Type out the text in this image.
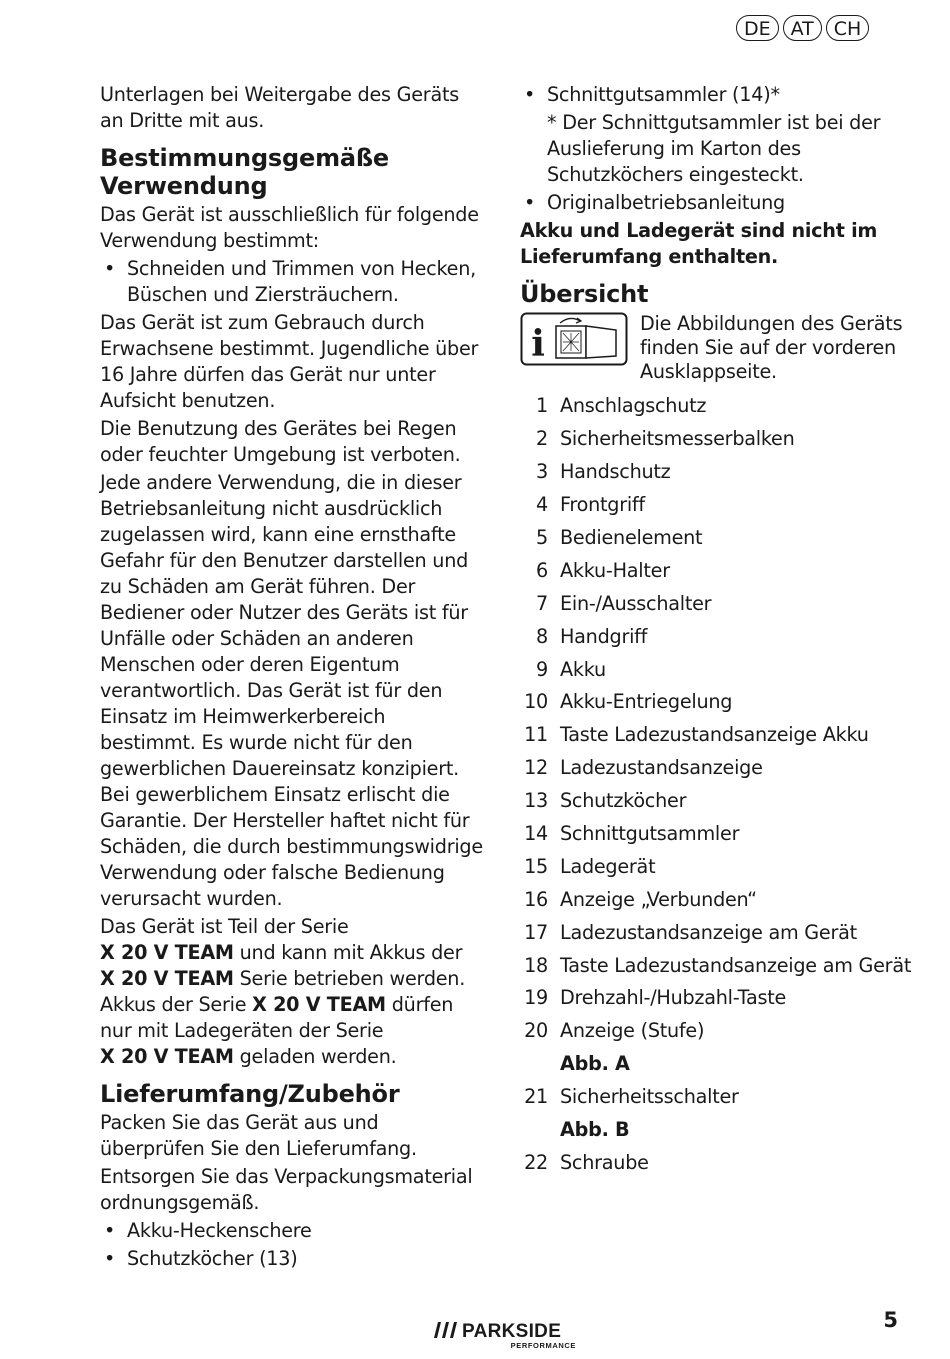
DE	AT	CH

Unterlagen bei Weitergabe des Geräts an Dritte mit aus.

Bestimmungsgemäße Verwendung

Das Gerät ist ausschließlich für folgende Verwendung bestimmt:

• Schneiden und Trimmen von Hecken, Büschen und Ziersträuchern.

Das Gerät ist zum Gebrauch durch Erwachsene bestimmt. Jugendliche über 16 Jahre dürfen das Gerät nur unter Aufsicht benutzen.

Die Benutzung des Gerätes bei Regen oder feuchter Umgebung ist verboten.

Jede andere Verwendung, die in dieser Betriebsanleitung nicht ausdrücklich zugelassen wird, kann eine ernsthafte Gefahr für den Benutzer darstellen und zu Schäden am Gerät führen. Der Bediener oder Nutzer des Geräts ist für Unfälle oder Schäden an anderen Menschen oder deren Eigentum verantwortlich. Das Gerät ist für den Einsatz im Heimwerkerbereich bestimmt. Es wurde nicht für den gewerblichen Dauereinsatz konzipiert. Bei gewerblichem Einsatz erlischt die Garantie. Der Hersteller haftet nicht für Schäden, die durch bestimmungswidrige Verwendung oder falsche Bedienung verursacht wurden.

Das Gerät ist Teil der Serie
X 20 V TEAM und kann mit Akkus der
X 20 V TEAM Serie betrieben werden. Akkus der Serie X 20 V TEAM dürfen nur mit Ladegeräten der Serie
X 20 V TEAM geladen werden.

Lieferumfang/Zubehör

Packen Sie das Gerät aus und überprüfen Sie den Lieferumfang.

Entsorgen Sie das Verpackungsmaterial ordnungsgemäß.

• Akku-Heckenschere
• Schutzköcher (13)
• Schnittgutsammler (14)*

* Der Schnittgutsammler ist bei der Auslieferung im Karton des Schutzköchers eingesteckt.

• Originalbetriebsanleitung

Akku und Ladegerät sind nicht im Lieferumfang enthalten.

Übersicht
i	Die Abbildungen des Geräts finden Sie auf der vorderen Ausklappseite.
1 Anschlagschutz
2 Sicherheitsmesserbalken
3 Handschutz
4 Frontgriff
5 Bedienelement
6 Akku-Halter
7 Ein-/Ausschalter
8 Handgriff
9 Akku
10 Akku-Entriegelung
11 Taste Ladezustandsanzeige Akku
12 Ladezustandsanzeige
13 Schutzköcher
14 Schnittgutsammler
15 Ladegerät
16 Anzeige „Verbunden“
17 Ladezustandsanzeige am Gerät
18 Taste Ladezustandsanzeige am Gerät
19 Drehzahl-/Hubzahl-Taste
20 Anzeige (Stufe)
Abb. A
21 Sicherheitsschalter
Abb. B
22 Schraube
PARKSIDE
PERFORMANCE
5
